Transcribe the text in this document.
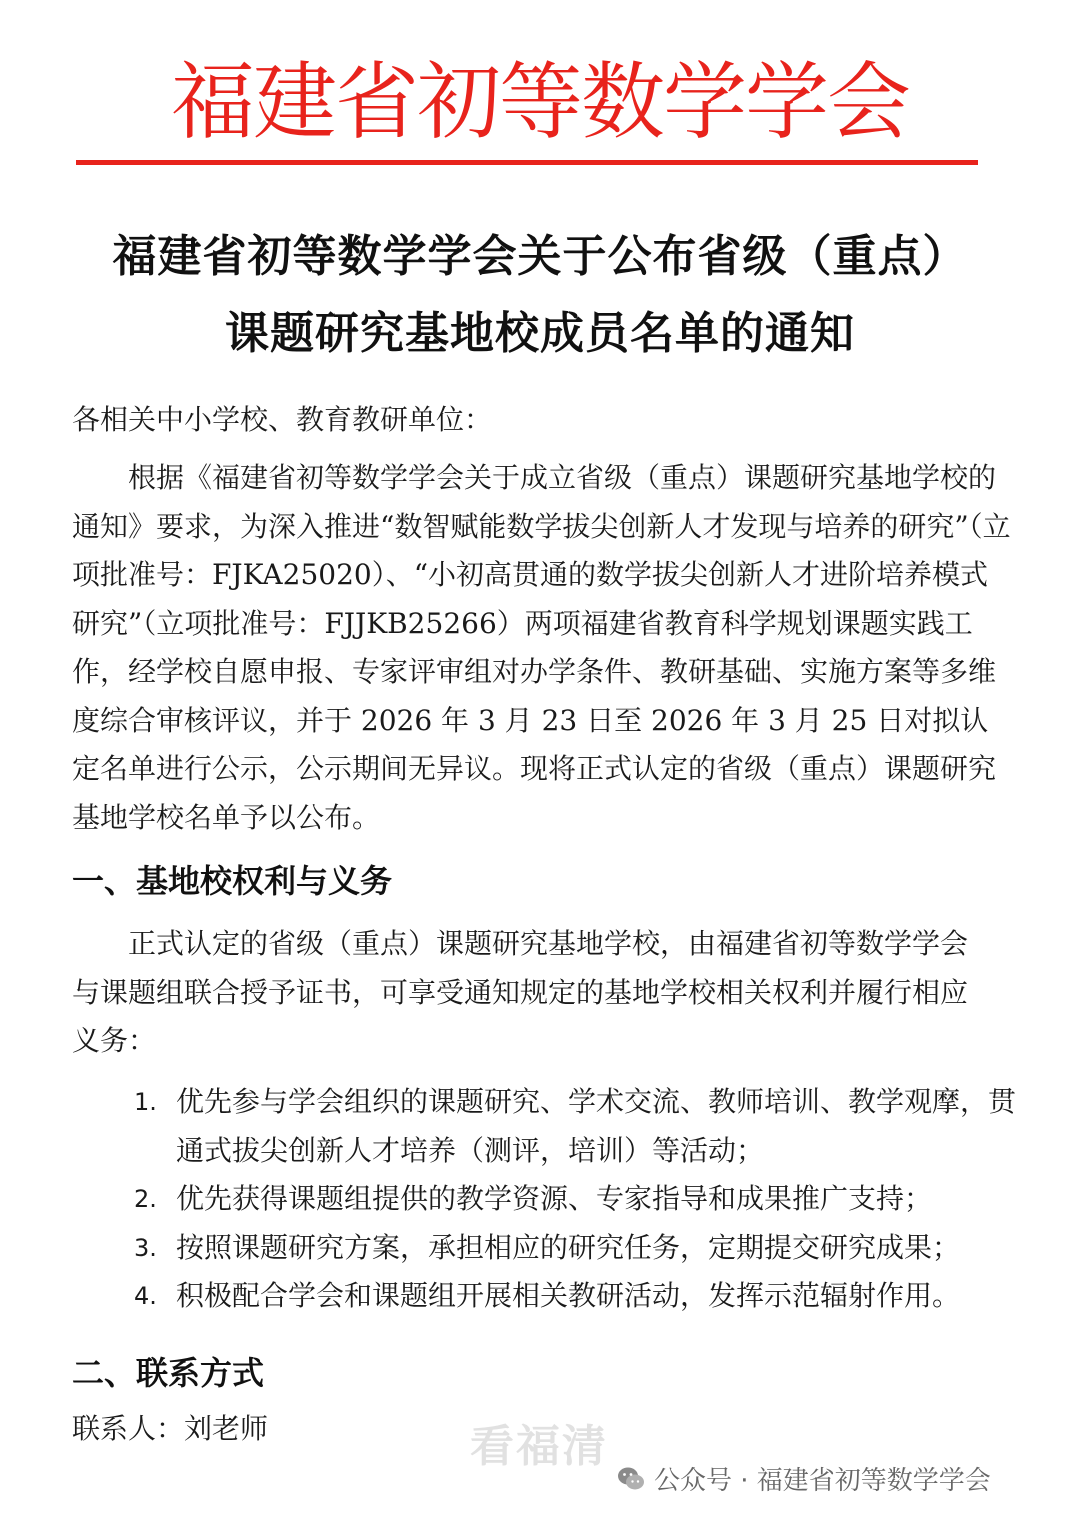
福建省初等数学学会
福建省初等数学学会关于公布省级（重点）
课题研究基地校成员名单的通知
各相关中小学校、教育教研单位：
根据《福建省初等数学学会关于成立省级（重点）课题研究基地学校的通知》要求，为深入推进“数智赋能数学拔尖创新人才发现与培养的研究”（立项批准号：FJKA25020）、“小初高贯通的数学拔尖创新人才进阶培养模式研究”（立项批准号：FJJKB25266）两项福建省教育科学规划课题实践工作，经学校自愿申报、专家评审组对办学条件、教研基础、实施方案等多维度综合审核评议，并于 2026 年 3 月 23 日至 2026 年 3 月 25 日对拟认定名单进行公示，公示期间无异议。现将正式认定的省级（重点）课题研究基地学校名单予以公布。
一、基地校权利与义务
正式认定的省级（重点）课题研究基地学校，由福建省初等数学学会与课题组联合授予证书，可享受通知规定的基地学校相关权利并履行相应义务：
1. 优先参与学会组织的课题研究、学术交流、教师培训、教学观摩，贯通式拔尖创新人才培养（测评，培训）等活动；
2. 优先获得课题组提供的教学资源、专家指导和成果推广支持；
3. 按照课题研究方案，承担相应的研究任务，定期提交研究成果；
4. 积极配合学会和课题组开展相关教研活动，发挥示范辐射作用。
二、联系方式
联系人：刘老师	看福清
公众号 · 福建省初等数学学会
